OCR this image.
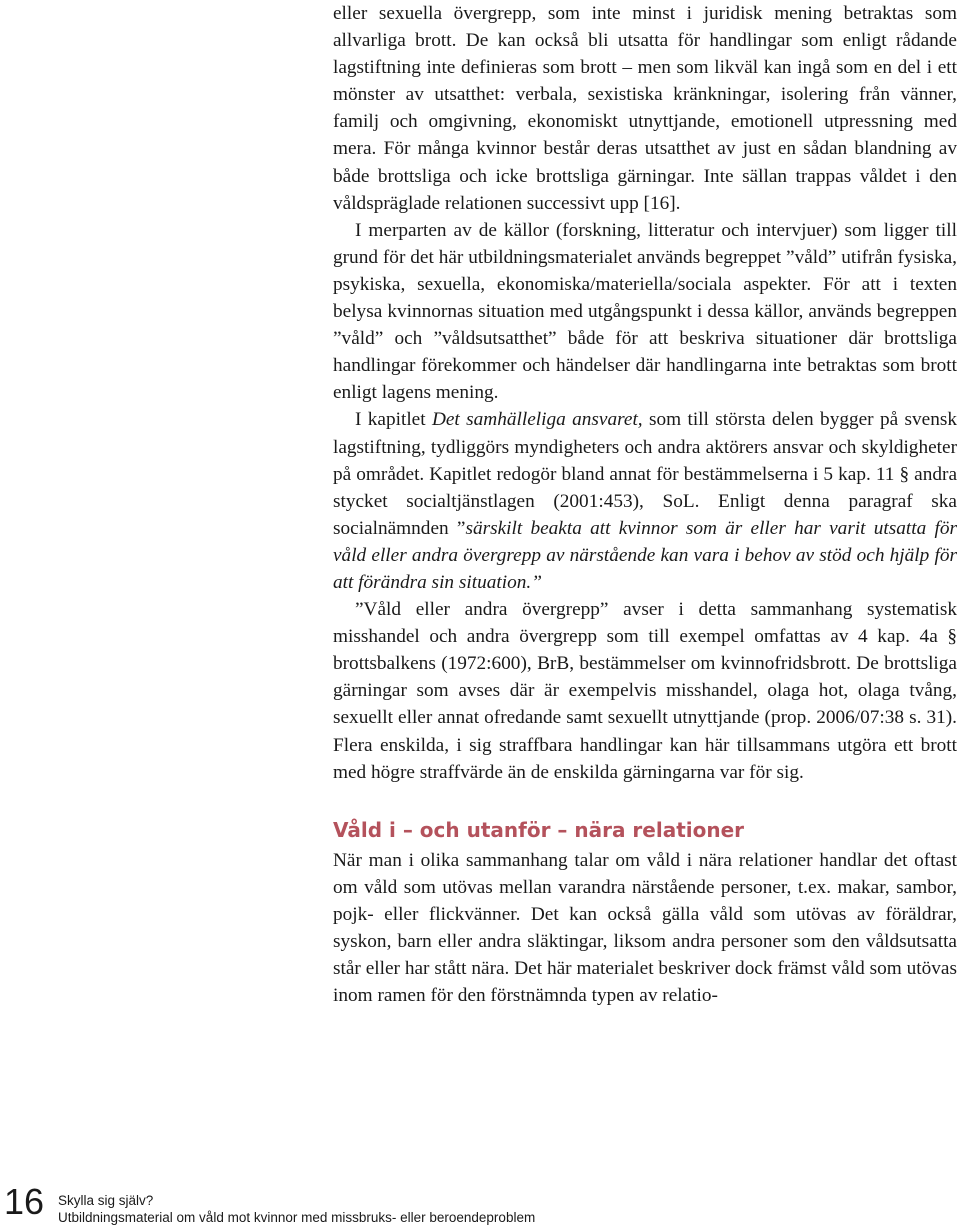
eller sexuella övergrepp, som inte minst i juridisk mening betraktas som allvarliga brott. De kan också bli utsatta för handlingar som enligt rådande lagstiftning inte definieras som brott – men som likväl kan ingå som en del i ett mönster av utsatthet: verbala, sexistiska kränkningar, isolering från vänner, familj och omgivning, ekonomiskt utnyttjande, emotionell utpressning med mera. För många kvinnor består deras utsatthet av just en sådan blandning av både brottsliga och icke brottsliga gärningar. Inte sällan trappas våldet i den våldspräglade relationen successivt upp [16].

I merparten av de källor (forskning, litteratur och intervjuer) som ligger till grund för det här utbildningsmaterialet används begreppet ”våld” utifrån fysiska, psykiska, sexuella, ekonomiska/materiella/sociala aspekter. För att i texten belysa kvinnornas situation med utgångspunkt i dessa källor, används begreppen ”våld” och ”våldsutsatthet” både för att beskriva situationer där brottsliga handlingar förekommer och händelser där handlingarna inte betraktas som brott enligt lagens mening.

I kapitlet Det samhälleliga ansvaret, som till största delen bygger på svensk lagstiftning, tydliggörs myndigheters och andra aktörers ansvar och skyldigheter på området. Kapitlet redogör bland annat för bestämmelserna i 5 kap. 11 § andra stycket socialtjänstlagen (2001:453), SoL. Enligt denna paragraf ska socialnämnden ”särskilt beakta att kvinnor som är eller har varit utsatta för våld eller andra övergrepp av närstående kan vara i behov av stöd och hjälp för att förändra sin situation.”

”Våld eller andra övergrepp” avser i detta sammanhang systematisk misshandel och andra övergrepp som till exempel omfattas av 4 kap. 4a § brottsbalkens (1972:600), BrB, bestämmelser om kvinnofridsbrott. De brottsliga gärningar som avses där är exempelvis misshandel, olaga hot, olaga tvång, sexuellt eller annat ofredande samt sexuellt utnyttjande (prop. 2006/07:38 s. 31). Flera enskilda, i sig straffbara handlingar kan här tillsammans utgöra ett brott med högre straffvärde än de enskilda gärningarna var för sig.

Våld i – och utanför – nära relationer

När man i olika sammanhang talar om våld i nära relationer handlar det oftast om våld som utövas mellan varandra närstående personer, t.ex. makar, sambor, pojk- eller flickvänner. Det kan också gälla våld som utövas av föräldrar, syskon, barn eller andra släktingar, liksom andra personer som den våldsutsatta står eller har stått nära. Det här materialet beskriver dock främst våld som utövas inom ramen för den förstnämnda typen av relatio-

16 Skylla sig själv?
Utbildningsmaterial om våld mot kvinnor med missbruks- eller beroendeproblem
